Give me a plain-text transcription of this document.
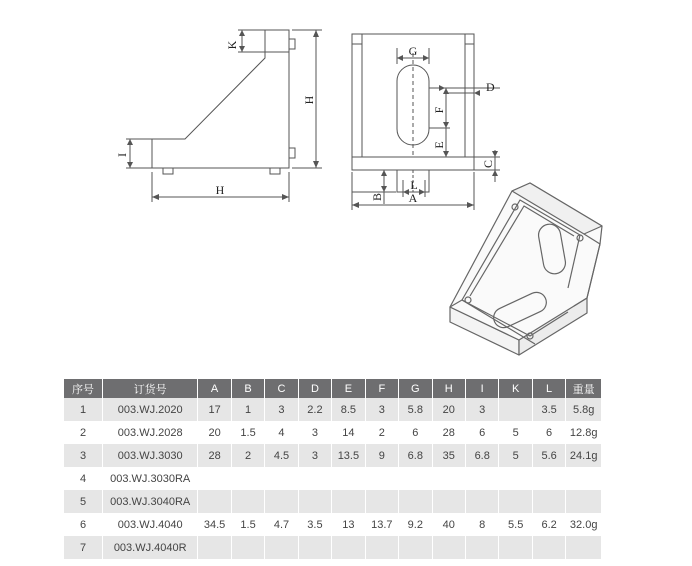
K
H
I
H
G
D
F
E
C
B
L
A
序号	订货号	A	B	C	D	E	F	G	H	I	K	L	重量
1	003.WJ.2020	17	1	3	2.2	8.5	3	5.8	20	3		3.5	5.8g
2	003.WJ.2028	20	1.5	4	3	14	2	6	28	6	5	6	12.8g
3	003.WJ.3030	28	2	4.5	3	13.5	9	6.8	35	6.8	5	5.6	24.1g
4	003.WJ.3030RA												
5	003.WJ.3040RA												
6	003.WJ.4040	34.5	1.5	4.7	3.5	13	13.7	9.2	40	8	5.5	6.2	32.0g
7	003.WJ.4040R												
